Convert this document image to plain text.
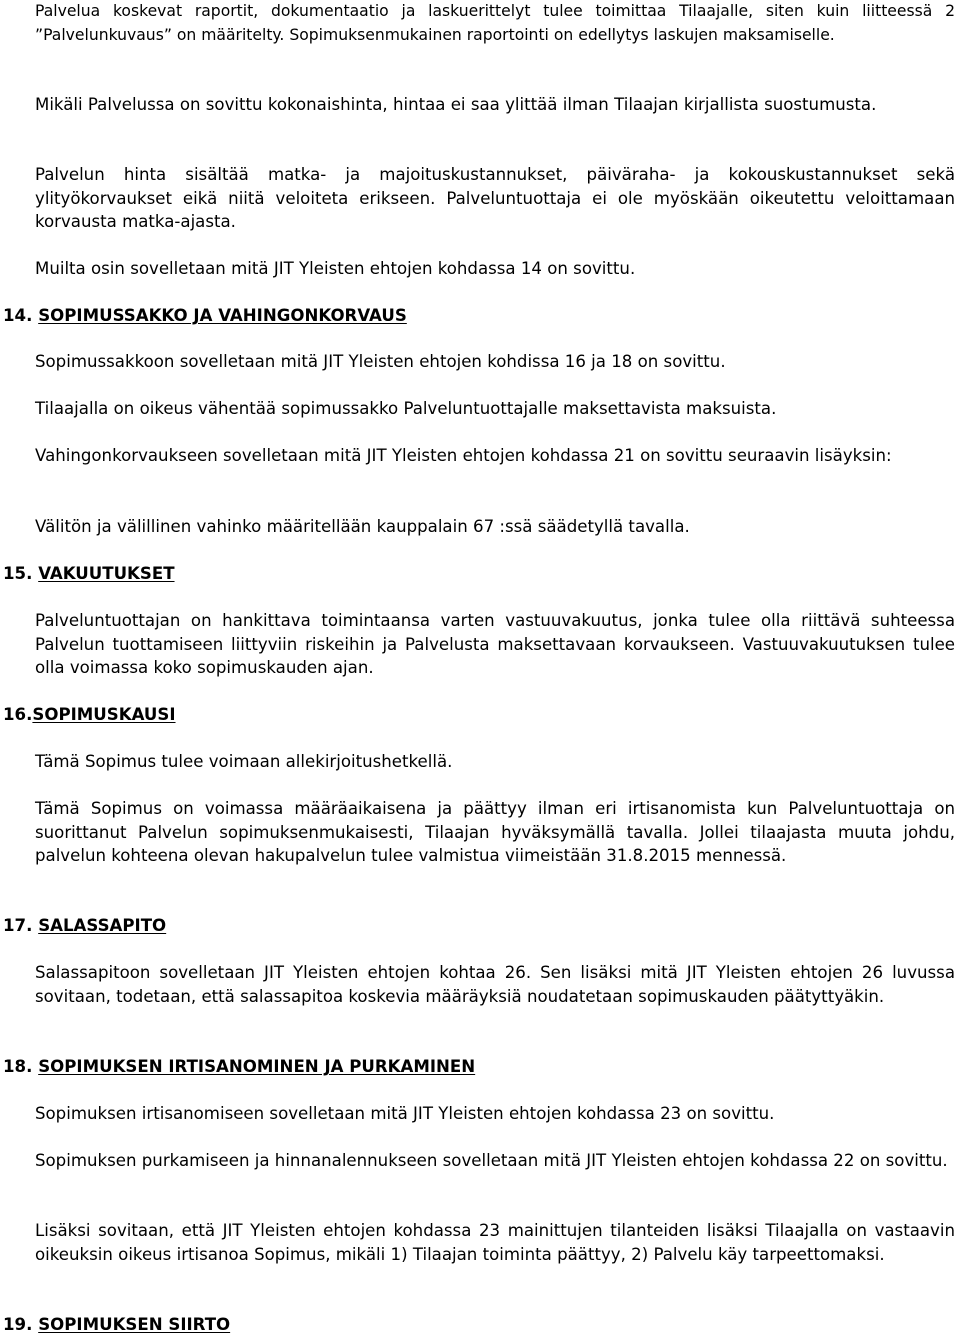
Palvelua koskevat raportit, dokumentaatio ja laskuerittelyt tulee toimittaa Tilaajalle, siten kuin liitteessä 2 ”Palvelunkuvaus” on määritelty. Sopimuksenmukainen raportointi on edellytys laskujen maksamiselle.

Mikäli Palvelussa on sovittu kokonaishinta, hintaa ei saa ylittää ilman Tilaajan kirjallista suostumusta.

Palvelun hinta sisältää matka- ja majoituskustannukset, päiväraha- ja kokouskustannukset sekä ylityökorvaukset eikä niitä veloiteta erikseen. Palveluntuottaja ei ole myöskään oikeutettu veloittamaan korvausta matka-ajasta.

Muilta osin sovelletaan mitä JIT Yleisten ehtojen kohdassa 14 on sovittu.

14. SOPIMUSSAKKO JA VAHINGONKORVAUS

Sopimussakkoon sovelletaan mitä JIT Yleisten ehtojen kohdissa 16 ja 18 on sovittu.

Tilaajalla on oikeus vähentää sopimussakko Palveluntuottajalle maksettavista maksuista.

Vahingonkorvaukseen sovelletaan mitä JIT Yleisten ehtojen kohdassa 21 on sovittu seuraavin lisäyksin:

Välitön ja välillinen vahinko määritellään kauppalain 67 :ssä säädetyllä tavalla.

15. VAKUUTUKSET

Palveluntuottajan on hankittava toimintaansa varten vastuuvakuutus, jonka tulee olla riittävä suhteessa Palvelun tuottamiseen liittyviin riskeihin ja Palvelusta maksettavaan korvaukseen. Vastuuvakuutuksen tulee olla voimassa koko sopimuskauden ajan.

16.SOPIMUSKAUSI

Tämä Sopimus tulee voimaan allekirjoitushetkellä.

Tämä Sopimus on voimassa määräaikaisena ja päättyy ilman eri irtisanomista kun Palveluntuottaja on suorittanut Palvelun sopimuksenmukaisesti, Tilaajan hyväksymällä tavalla. Jollei tilaajasta muuta johdu, palvelun kohteena olevan hakupalvelun tulee valmistua viimeistään 31.8.2015 mennessä.

17. SALASSAPITO

Salassapitoon sovelletaan JIT Yleisten ehtojen kohtaa 26. Sen lisäksi mitä JIT Yleisten ehtojen 26 luvussa sovitaan, todetaan, että salassapitoa koskevia määräyksiä noudatetaan sopimuskauden päätyttyäkin.

18. SOPIMUKSEN IRTISANOMINEN JA PURKAMINEN

Sopimuksen irtisanomiseen sovelletaan mitä JIT Yleisten ehtojen kohdassa 23 on sovittu.

Sopimuksen purkamiseen ja hinnanalennukseen sovelletaan mitä JIT Yleisten ehtojen kohdassa 22 on sovittu.

Lisäksi sovitaan, että JIT Yleisten ehtojen kohdassa 23 mainittujen tilanteiden lisäksi Tilaajalla on vastaavin oikeuksin oikeus irtisanoa Sopimus, mikäli 1) Tilaajan toiminta päättyy, 2) Palvelu käy tarpeettomaksi.

19. SOPIMUKSEN SIIRTO
